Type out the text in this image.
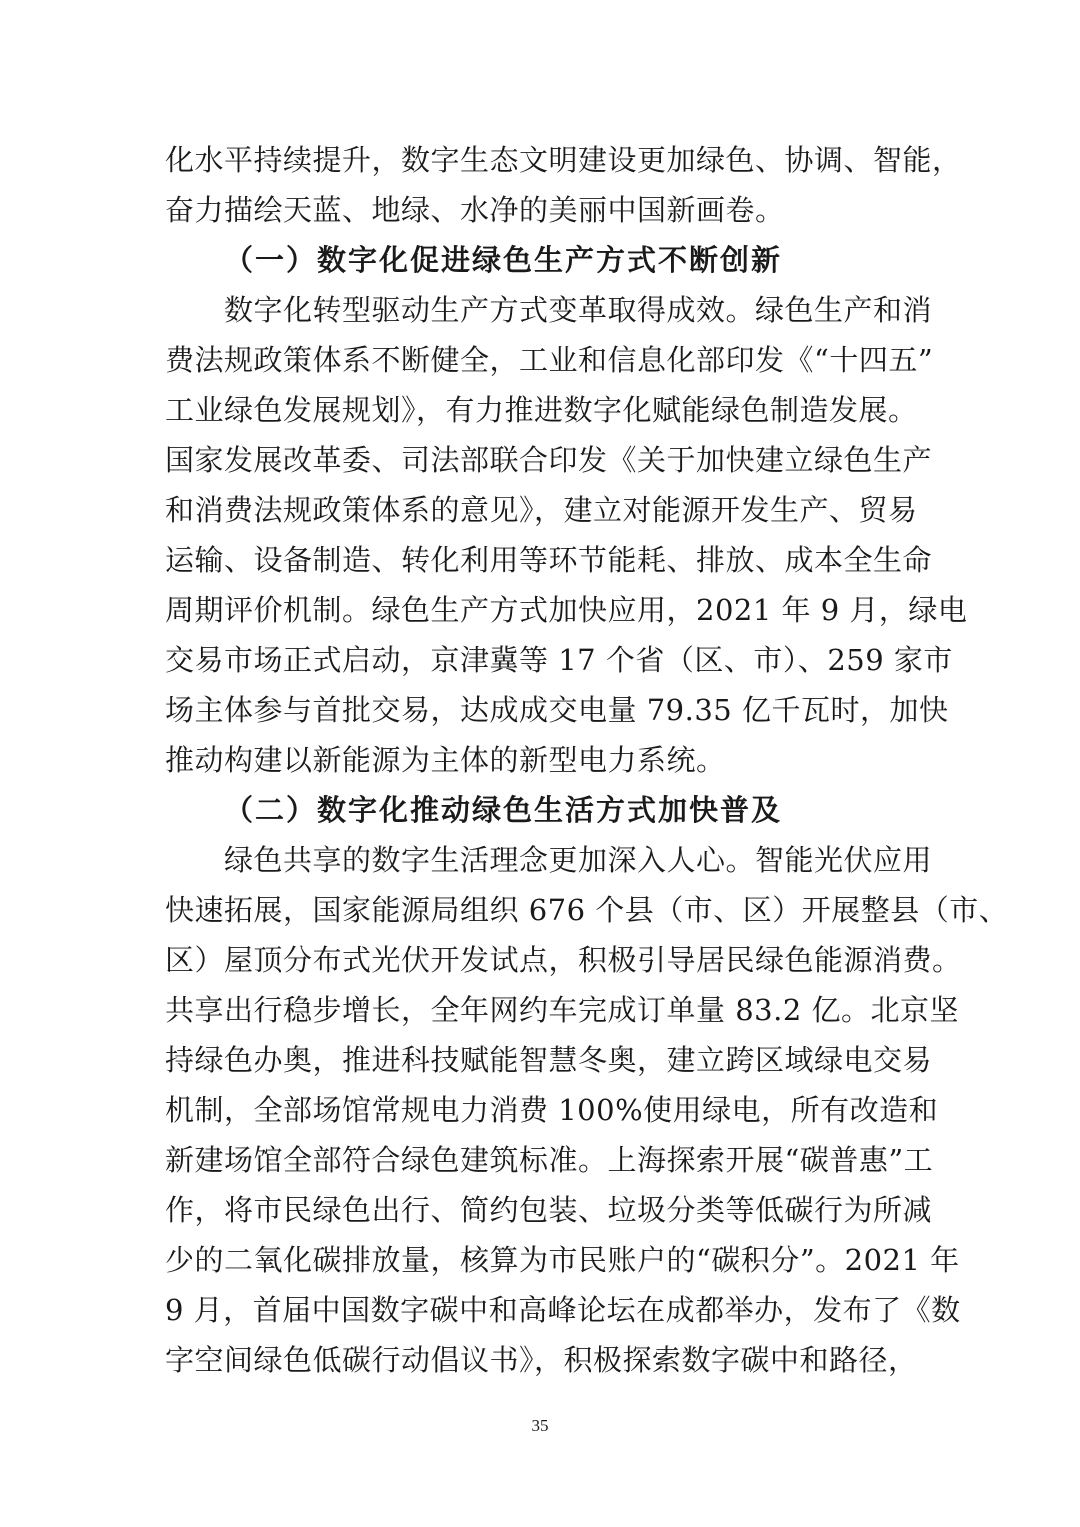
化水平持续提升，数字生态文明建设更加绿色、协调、智能，
奋力描绘天蓝、地绿、水净的美丽中国新画卷。
（一）数字化促进绿色生产方式不断创新
数字化转型驱动生产方式变革取得成效。绿色生产和消
费法规政策体系不断健全，工业和信息化部印发《“十四五”
工业绿色发展规划》，有力推进数字化赋能绿色制造发展。
国家发展改革委、司法部联合印发《关于加快建立绿色生产
和消费法规政策体系的意见》，建立对能源开发生产、贸易
运输、设备制造、转化利用等环节能耗、排放、成本全生命
周期评价机制。绿色生产方式加快应用，2021 年 9 月，绿电
交易市场正式启动，京津冀等 17 个省（区、市）、259 家市
场主体参与首批交易，达成成交电量 79.35 亿千瓦时，加快
推动构建以新能源为主体的新型电力系统。
（二）数字化推动绿色生活方式加快普及
绿色共享的数字生活理念更加深入人心。智能光伏应用
快速拓展，国家能源局组织 676 个县（市、区）开展整县（市、
区）屋顶分布式光伏开发试点，积极引导居民绿色能源消费。
共享出行稳步增长，全年网约车完成订单量 83.2 亿。北京坚
持绿色办奥，推进科技赋能智慧冬奥，建立跨区域绿电交易
机制，全部场馆常规电力消费 100%使用绿电，所有改造和
新建场馆全部符合绿色建筑标准。上海探索开展“碳普惠”工
作，将市民绿色出行、简约包装、垃圾分类等低碳行为所减
少的二氧化碳排放量，核算为市民账户的“碳积分”。2021 年
9 月，首届中国数字碳中和高峰论坛在成都举办，发布了《数
字空间绿色低碳行动倡议书》，积极探索数字碳中和路径，
35
